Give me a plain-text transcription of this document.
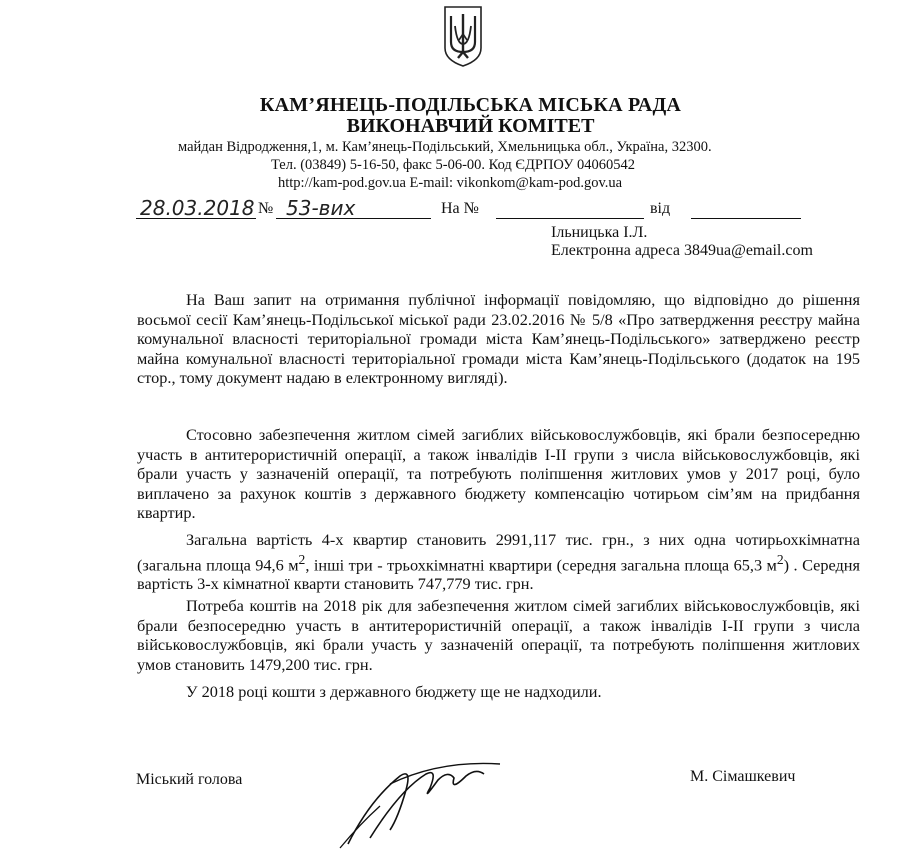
КАМ’ЯНЕЦЬ-ПОДІЛЬСЬКА МІСЬКА РАДА
ВИКОНАВЧИЙ КОМІТЕТ
майдан Відродження,1, м. Кам’янець-Подільський, Хмельницька обл., Україна, 32300.
Тел. (03849) 5-16-50, факс 5-06-00. Код ЄДРПОУ 04060542
http://kam-pod.gov.ua E-mail: vikonkom@kam-pod.gov.ua
28.03.2018 № 53-вих	На №	від
Ільницька І.Л.
Електронна адреса 3849ua@email.com
На Ваш запит на отримання публічної інформації повідомляю, що відповідно до рішення восьмої сесії Кам’янець-Подільської міської ради 23.02.2016 № 5/8 «Про затвердження реєстру майна комунальної власності територіальної громади міста Кам’янець-Подільського» затверджено реєстр майна комунальної власності територіальної громади міста Кам’янець-Подільського (додаток на 195 стор., тому документ надаю в електронному вигляді).
Стосовно забезпечення житлом сімей загиблих військовослужбовців, які брали безпосередню участь в антитерористичній операції, а також інвалідів І-ІІ групи з числа військовослужбовців, які брали участь у зазначеній операції, та потребують поліпшення житлових умов у 2017 році, було виплачено за рахунок коштів з державного бюджету компенсацію чотирьом сім’ям на придбання квартир.
Загальна вартість 4-х квартир становить 2991,117 тис. грн., з них одна чотирьохкімнатна (загальна площа 94,6 $м^2$, інші три - трьохкімнатні квартири (середня загальна площа 65,3 $м^2$) . Середня вартість 3-х кімнатної кварти становить 747,779 тис. грн.
Потреба коштів на 2018 рік для забезпечення житлом сімей загиблих військовослужбовців, які брали безпосередню участь в антитерористичній операції, а також інвалідів І-ІІ групи з числа військовослужбовців, які брали участь у зазначеній операції, та потребують поліпшення житлових умов становить 1479,200 тис. грн.
У 2018 році кошти з державного бюджету ще не надходили.
Міський голова	М. Сімашкевич
